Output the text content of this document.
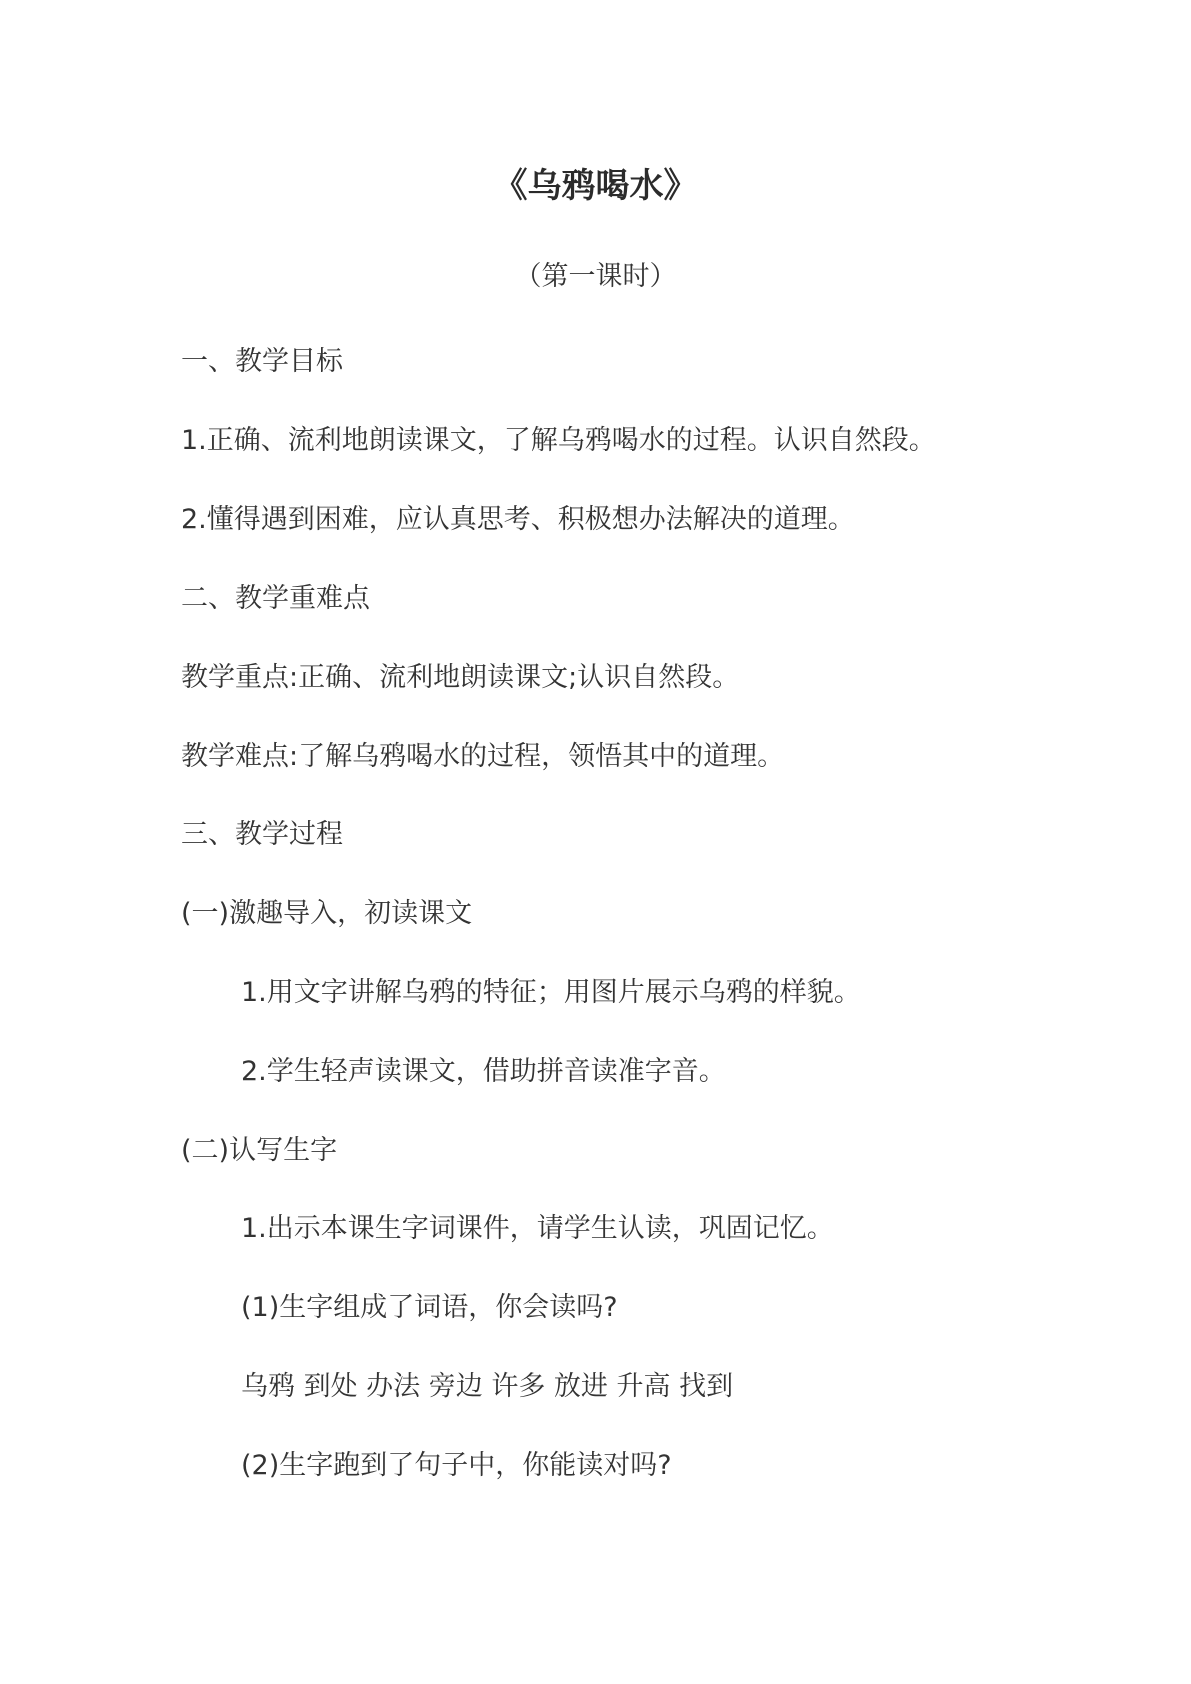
《乌鸦喝水》
（第一课时）
一、教学目标
1.正确、流利地朗读课文，了解乌鸦喝水的过程。认识自然段。
2.懂得遇到困难，应认真思考、积极想办法解决的道理。
二、教学重难点
教学重点:正确、流利地朗读课文;认识自然段。
教学难点:了解乌鸦喝水的过程，领悟其中的道理。
三、教学过程
(一)激趣导入，初读课文
1.用文字讲解乌鸦的特征；用图片展示乌鸦的样貌。
2.学生轻声读课文，借助拼音读准字音。
(二)认写生字
1.出示本课生字词课件，请学生认读，巩固记忆。
(1)生字组成了词语，你会读吗?
乌鸦 到处 办法 旁边 许多 放进 升高 找到
(2)生字跑到了句子中，你能读对吗?
